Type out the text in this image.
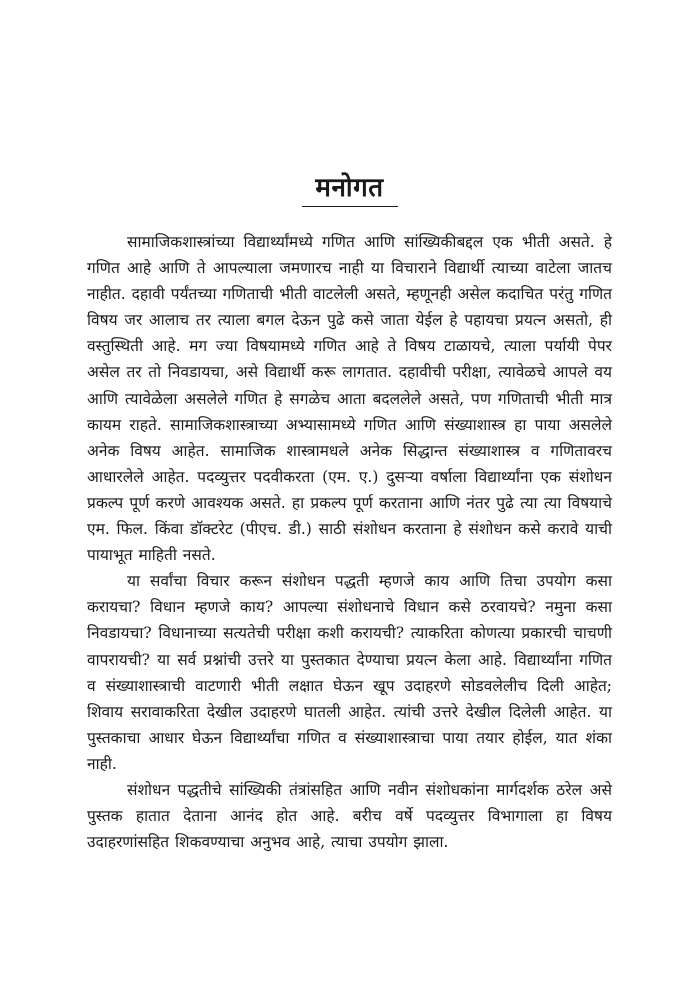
मनोगत

सामाजिकशास्त्रांच्या विद्यार्थ्यांमध्ये गणित आणि सांख्यिकीबद्दल एक भीती असते. हे गणित आहे आणि ते आपल्याला जमणारच नाही या विचाराने विद्यार्थी त्याच्या वाटेला जातच नाहीत. दहावी पर्यंतच्या गणिताची भीती वाटलेली असते, म्हणूनही असेल कदाचित परंतु गणित विषय जर आलाच तर त्याला बगल देऊन पुढे कसे जाता येईल हे पहायचा प्रयत्न असतो, ही वस्तुस्थिती आहे. मग ज्या विषयामध्ये गणित आहे ते विषय टाळायचे, त्याला पर्यायी पेपर असेल तर तो निवडायचा, असे विद्यार्थी करू लागतात. दहावीची परीक्षा, त्यावेळचे आपले वय आणि त्यावेळेला असलेले गणित हे सगळेच आता बदललेले असते, पण गणिताची भीती मात्र कायम राहते. सामाजिकशास्त्राच्या अभ्यासामध्ये गणित आणि संख्याशास्त्र हा पाया असलेले अनेक विषय आहेत. सामाजिक शास्त्रामधले अनेक सिद्धान्त संख्याशास्त्र व गणितावरच आधारलेले आहेत. पदव्युत्तर पदवीकरता (एम. ए.) दुसऱ्या वर्षाला विद्यार्थ्यांना एक संशोधन प्रकल्प पूर्ण करणे आवश्यक असते. हा प्रकल्प पूर्ण करताना आणि नंतर पुढे त्या त्या विषयाचे एम. फिल. किंवा डॉक्टरेट (पीएच. डी.) साठी संशोधन करताना हे संशोधन कसे करावे याची पायाभूत माहिती नसते.

या सर्वांचा विचार करून संशोधन पद्धती म्हणजे काय आणि तिचा उपयोग कसा करायचा? विधान म्हणजे काय? आपल्या संशोधनाचे विधान कसे ठरवायचे? नमुना कसा निवडायचा? विधानाच्या सत्यतेची परीक्षा कशी करायची? त्याकरिता कोणत्या प्रकारची चाचणी वापरायची? या सर्व प्रश्नांची उत्तरे या पुस्तकात देण्याचा प्रयत्न केला आहे. विद्यार्थ्यांना गणित व संख्याशास्त्राची वाटणारी भीती लक्षात घेऊन खूप उदाहरणे सोडवलेलीच दिली आहेत; शिवाय सरावाकरिता देखील उदाहरणे घातली आहेत. त्यांची उत्तरे देखील दिलेली आहेत. या पुस्तकाचा आधार घेऊन विद्यार्थ्यांचा गणित व संख्याशास्त्राचा पाया तयार होईल, यात शंका नाही.

संशोधन पद्धतीचे सांख्यिकी तंत्रांसहित आणि नवीन संशोधकांना मार्गदर्शक ठरेल असे पुस्तक हातात देताना आनंद होत आहे. बरीच वर्षे पदव्युत्तर विभागाला हा विषय उदाहरणांसहित शिकवण्याचा अनुभव आहे, त्याचा उपयोग झाला.
